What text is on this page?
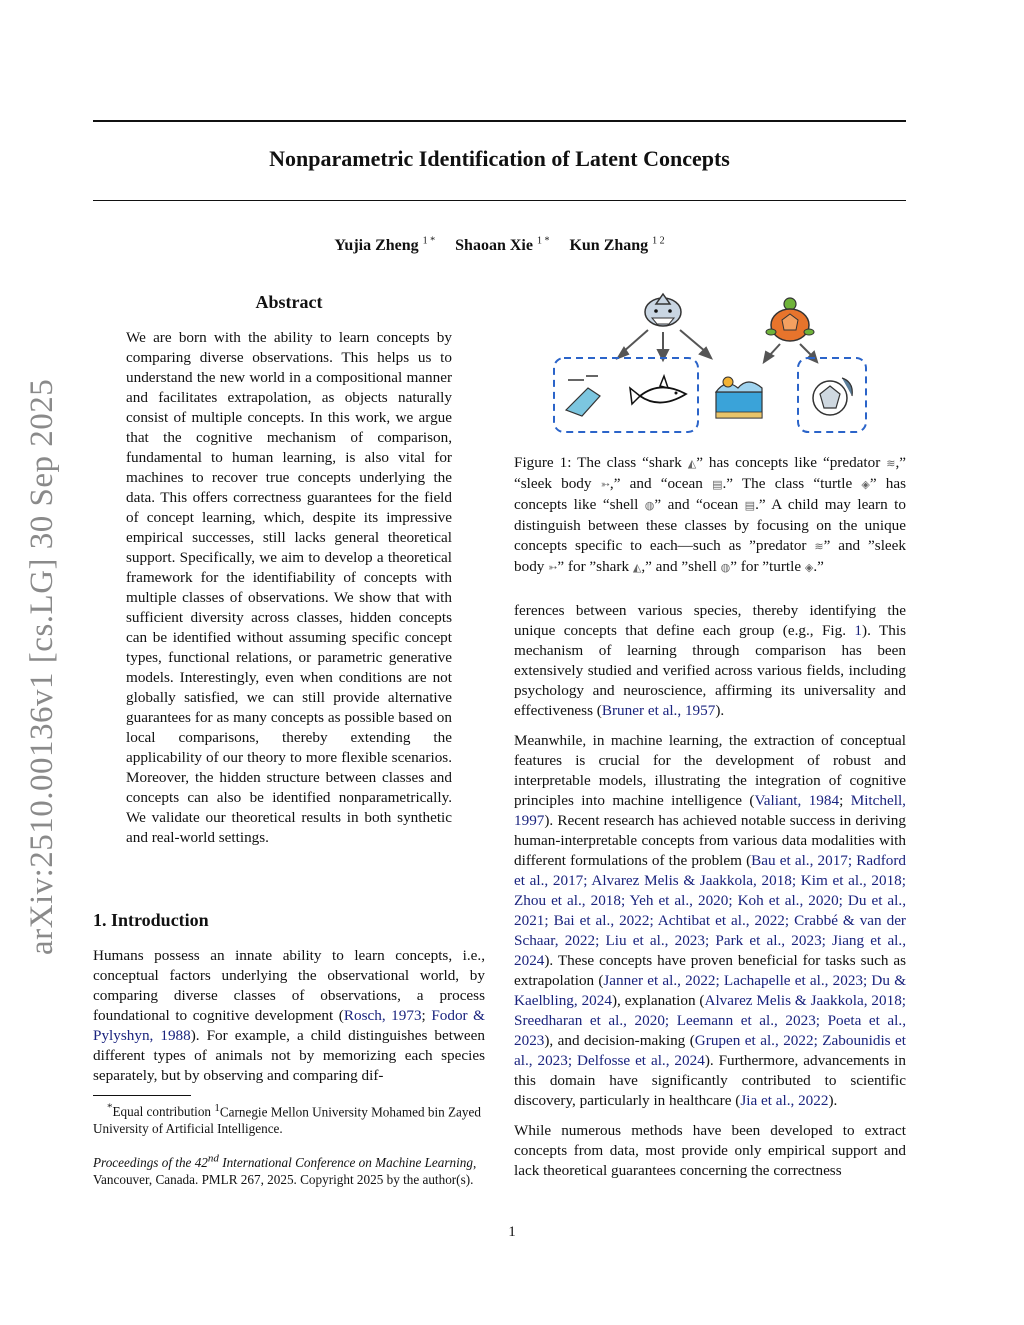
Nonparametric Identification of Latent Concepts
Yujia Zheng $^{1 *}$ Shaoan Xie $^{1 *}$ Kun Zhang $^{1 2}$
arXiv:2510.00136v1 [cs.LG] 30 Sep 2025
Abstract
We are born with the ability to learn concepts by comparing diverse observations. This helps us to understand the new world in a compositional manner and facilitates extrapolation, as objects naturally consist of multiple concepts. In this work, we argue that the cognitive mechanism of comparison, fundamental to human learning, is also vital for machines to recover true concepts underlying the data. This offers correctness guarantees for the field of concept learning, which, despite its impressive empirical successes, still lacks general theoretical support. Specifically, we aim to develop a theoretical framework for the identifiability of concepts with multiple classes of observations. We show that with sufficient diversity across classes, hidden concepts can be identified without assuming specific concept types, functional relations, or parametric generative models. Interestingly, even when conditions are not globally satisfied, we can still provide alternative guarantees for as many concepts as possible based on local comparisons, thereby extending the applicability of our theory to more flexible scenarios. Moreover, the hidden structure between classes and concepts can also be identified nonparametrically. We validate our theoretical results in both synthetic and real-world settings.
1. Introduction
Humans possess an innate ability to learn concepts, i.e., conceptual factors underlying the observational world, by comparing diverse classes of observations, a process foundational to cognitive development (Rosch, 1973; Fodor & Pylyshyn, 1988). For example, a child distinguishes between different types of animals not by memorizing each species separately, but by observing and comparing dif-
*Equal contribution $^1$Carnegie Mellon University Mohamed bin Zayed University of Artificial Intelligence.
Proceedings of the 42nd International Conference on Machine Learning, Vancouver, Canada. PMLR 267, 2025. Copyright 2025 by the author(s).
Figure 1: The class “shark ◭” has concepts like “predator ≋,” “sleek body ➳,” and “ocean ▤.” The class “turtle ◈” has concepts like “shell ◍” and “ocean ▤.” A child may learn to distinguish between these classes by focusing on the unique concepts specific to each—such as ”predator ≋” and ”sleek body ➳” for ”shark ◭,” and ”shell ◍” for ”turtle ◈.”

ferences between various species, thereby identifying the unique concepts that define each group (e.g., Fig. 1). This mechanism of learning through comparison has been extensively studied and verified across various fields, including psychology and neuroscience, affirming its universality and effectiveness (Bruner et al., 1957).

Meanwhile, in machine learning, the extraction of conceptual features is crucial for the development of robust and interpretable models, illustrating the integration of cognitive principles into machine intelligence (Valiant, 1984; Mitchell, 1997). Recent research has achieved notable success in deriving human-interpretable concepts from various data modalities with different formulations of the problem (Bau et al., 2017; Radford et al., 2017; Alvarez Melis & Jaakkola, 2018; Kim et al., 2018; Zhou et al., 2018; Yeh et al., 2020; Koh et al., 2020; Du et al., 2021; Bai et al., 2022; Achtibat et al., 2022; Crabbé & van der Schaar, 2022; Liu et al., 2023; Park et al., 2023; Jiang et al., 2024). These concepts have proven beneficial for tasks such as extrapolation (Janner et al., 2022; Lachapelle et al., 2023; Du & Kaelbling, 2024), explanation (Alvarez Melis & Jaakkola, 2018; Sreedharan et al., 2020; Leemann et al., 2023; Poeta et al., 2023), and decision-making (Grupen et al., 2022; Zabounidis et al., 2023; Delfosse et al., 2024). Furthermore, advancements in this domain have significantly contributed to scientific discovery, particularly in healthcare (Jia et al., 2022).

While numerous methods have been developed to extract concepts from data, most provide only empirical support and lack theoretical guarantees concerning the correctness

1
